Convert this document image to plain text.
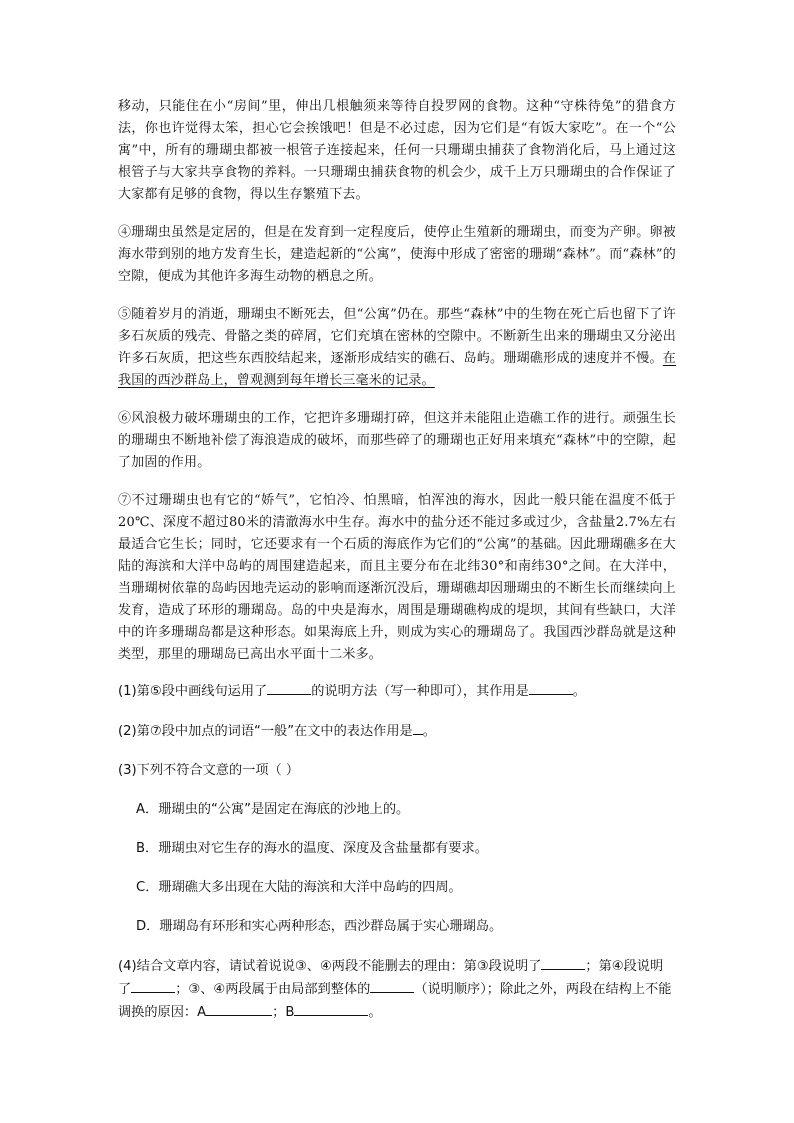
移动，只能住在小“房间”里，伸出几根触须来等待自投罗网的食物。这种“守株待兔”的猎食方法，你也许觉得太笨，担心它会挨饿吧！但是不必过虑，因为它们是“有饭大家吃”。在一个“公寓”中，所有的珊瑚虫都被一根管子连接起来，任何一只珊瑚虫捕获了食物消化后，马上通过这根管子与大家共享食物的养料。一只珊瑚虫捕获食物的机会少，成千上万只珊瑚虫的合作保证了大家都有足够的食物，得以生存繁殖下去。

④珊瑚虫虽然是定居的，但是在发育到一定程度后，使停止生殖新的珊瑚虫，而变为产卵。卵被海水带到别的地方发育生长，建造起新的“公寓”，使海中形成了密密的珊瑚“森林”。而“森林”的空隙，便成为其他许多海生动物的栖息之所。

⑤随着岁月的消逝，珊瑚虫不断死去，但“公寓”仍在。那些“森林”中的生物在死亡后也留下了许多石灰质的残壳、骨骼之类的碎屑，它们充填在密林的空隙中。不断新生出来的珊瑚虫又分泌出许多石灰质，把这些东西胶结起来，逐渐形成结实的礁石、岛屿。珊瑚礁形成的速度并不慢。在我国的西沙群岛上，曾观测到每年增长三毫米的记录。

⑥风浪极力破坏珊瑚虫的工作，它把许多珊瑚打碎，但这并未能阻止造礁工作的进行。顽强生长的珊瑚虫不断地补偿了海浪造成的破坏，而那些碎了的珊瑚也正好用来填充“森林”中的空隙，起了加固的作用。

⑦不过珊瑚虫也有它的“娇气”，它怕冷、怕黑暗，怕浑浊的海水，因此一般只能在温度不低于20℃、深度不超过80米的清澈海水中生存。海水中的盐分还不能过多或过少，含盐量2.7%左右最适合它生长；同时，它还要求有一个石质的海底作为它们的“公寓”的基础。因此珊瑚礁多在大陆的海滨和大洋中岛屿的周围建造起来，而且主要分布在北纬30°和南纬30°之间。在大洋中，当珊瑚树依靠的岛屿因地壳运动的影响而逐渐沉没后，珊瑚礁却因珊瑚虫的不断生长而继续向上发育，造成了环形的珊瑚岛。岛的中央是海水，周围是珊瑚礁构成的堤坝，其间有些缺口，大洋中的许多珊瑚岛都是这种形态。如果海底上升，则成为实心的珊瑚岛了。我国西沙群岛就是这种类型，那里的珊瑚岛已高出水平面十二米多。

(1)第⑤段中画线句运用了	的说明方法（写一种即可），其作用是	。

(2)第⑦段中加点的词语“一般”在文中的表达作用是 。

(3)下列不符合文意的一项（ ）

A．珊瑚虫的“公寓”是固定在海底的沙地上的。

B．珊瑚虫对它生存的海水的温度、深度及含盐量都有要求。

C．珊瑚礁大多出现在大陆的海滨和大洋中岛屿的四周。

D．珊瑚岛有环形和实心两种形态，西沙群岛属于实心珊瑚岛。

(4)结合文章内容，请试着说说③、④两段不能删去的理由：第③段说明了	；第④段说明了	；③、④两段属于由局部到整体的	（说明顺序）；除此之外，两段在结构上不能调换的原因：A	；B	。
